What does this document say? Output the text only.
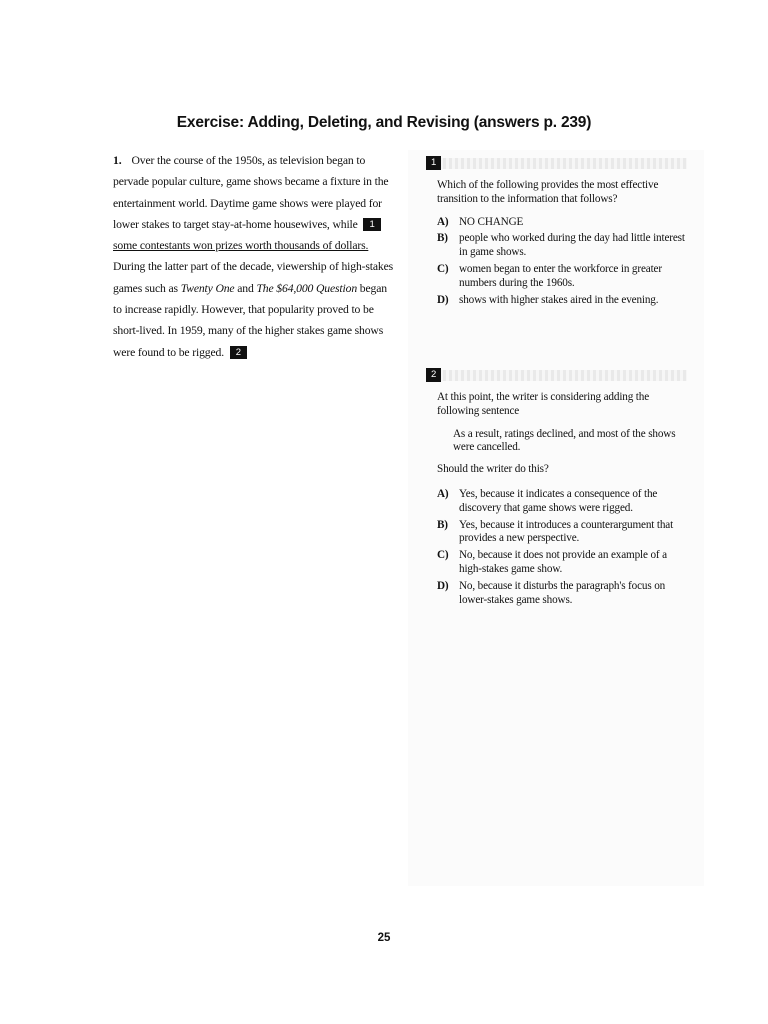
Exercise: Adding, Deleting, and Revising (answers p. 239)
1. Over the course of the 1950s, as television began to pervade popular culture, game shows became a fixture in the entertainment world. Daytime game shows were played for lower stakes to target stay-at-home housewives, while 1some contestants won prizes worth thousands of dollars. During the latter part of the decade, viewership of high-stakes games such as Twenty One and The $64,000 Question began to increase rapidly. However, that popularity proved to be short-lived. In 1959, many of the higher stakes game shows were found to be rigged. 2
1

Which of the following provides the most effective transition to the information that follows?

A) NO CHANGE
B) people who worked during the day had little interest in game shows.
C) women began to enter the workforce in greater numbers during the 1960s.
D) shows with higher stakes aired in the evening.
2

At this point, the writer is considering adding the following sentence

As a result, ratings declined, and most of the shows were cancelled.

Should the writer do this?

A) Yes, because it indicates a consequence of the discovery that game shows were rigged.
B) Yes, because it introduces a counterargument that provides a new perspective.
C) No, because it does not provide an example of a high-stakes game show.
D) No, because it disturbs the paragraph's focus on lower-stakes game shows.
25
